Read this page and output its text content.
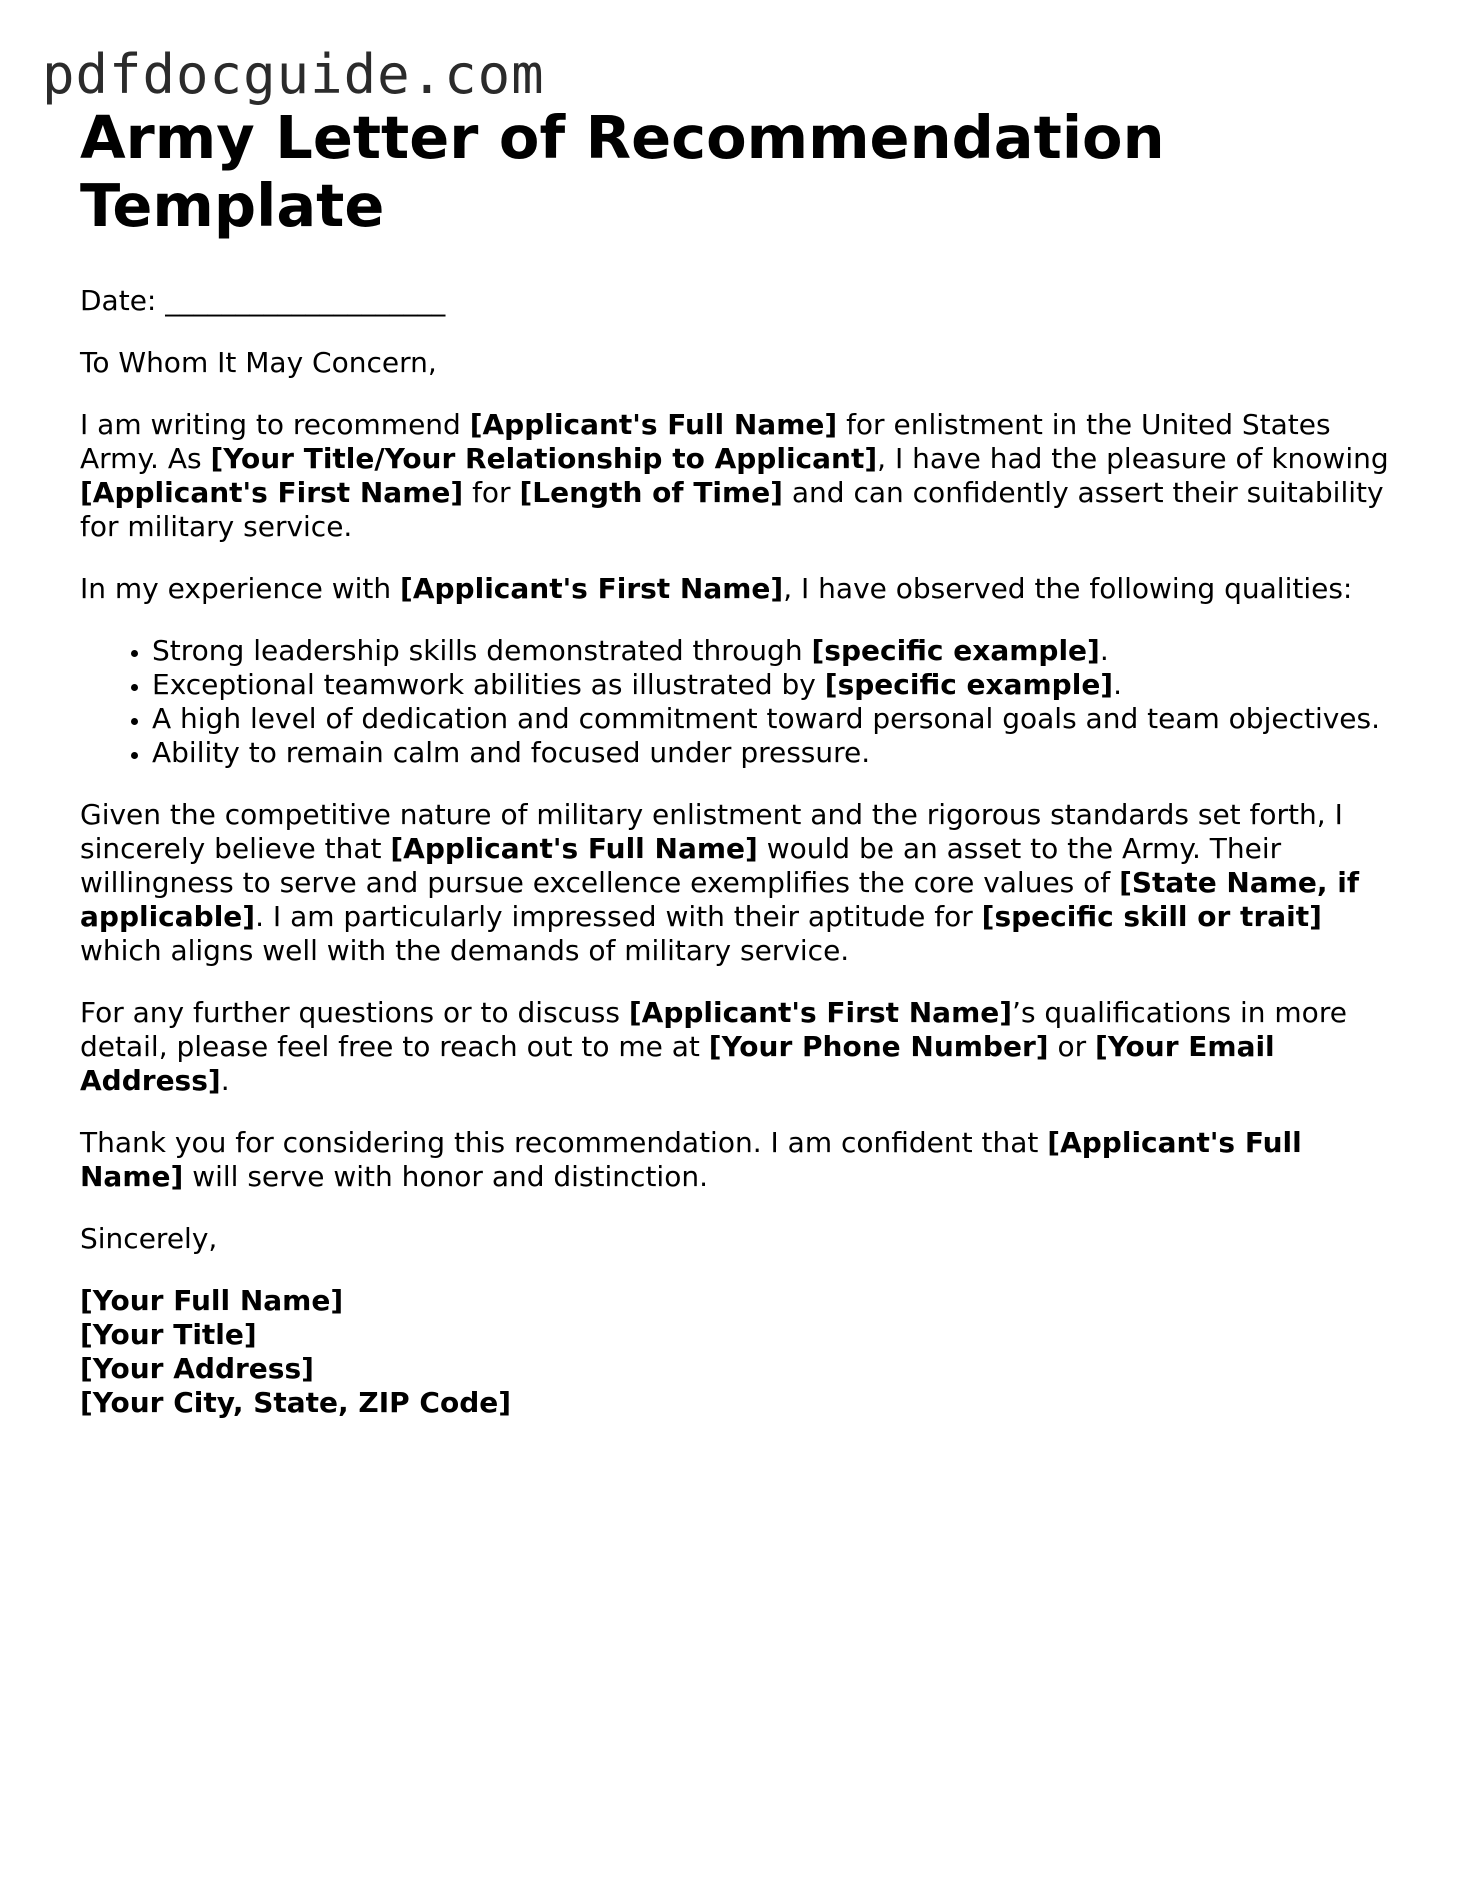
pdfdocguide.com
Army Letter of Recommendation Template

Date: ____________________

To Whom It May Concern,

I am writing to recommend [Applicant's Full Name] for enlistment in the United States Army. As [Your Title/Your Relationship to Applicant], I have had the pleasure of knowing [Applicant's First Name] for [Length of Time] and can confidently assert their suitability for military service.

In my experience with [Applicant's First Name], I have observed the following qualities:

• Strong leadership skills demonstrated through [specific example].
• Exceptional teamwork abilities as illustrated by [specific example].
• A high level of dedication and commitment toward personal goals and team objectives.
• Ability to remain calm and focused under pressure.

Given the competitive nature of military enlistment and the rigorous standards set forth, I sincerely believe that [Applicant's Full Name] would be an asset to the Army. Their willingness to serve and pursue excellence exemplifies the core values of [State Name, if applicable]. I am particularly impressed with their aptitude for [specific skill or trait] which aligns well with the demands of military service.

For any further questions or to discuss [Applicant's First Name]’s qualifications in more detail, please feel free to reach out to me at [Your Phone Number] or [Your Email Address].

Thank you for considering this recommendation. I am confident that [Applicant's Full Name] will serve with honor and distinction.

Sincerely,

[Your Full Name]
[Your Title]
[Your Address]
[Your City, State, ZIP Code]
